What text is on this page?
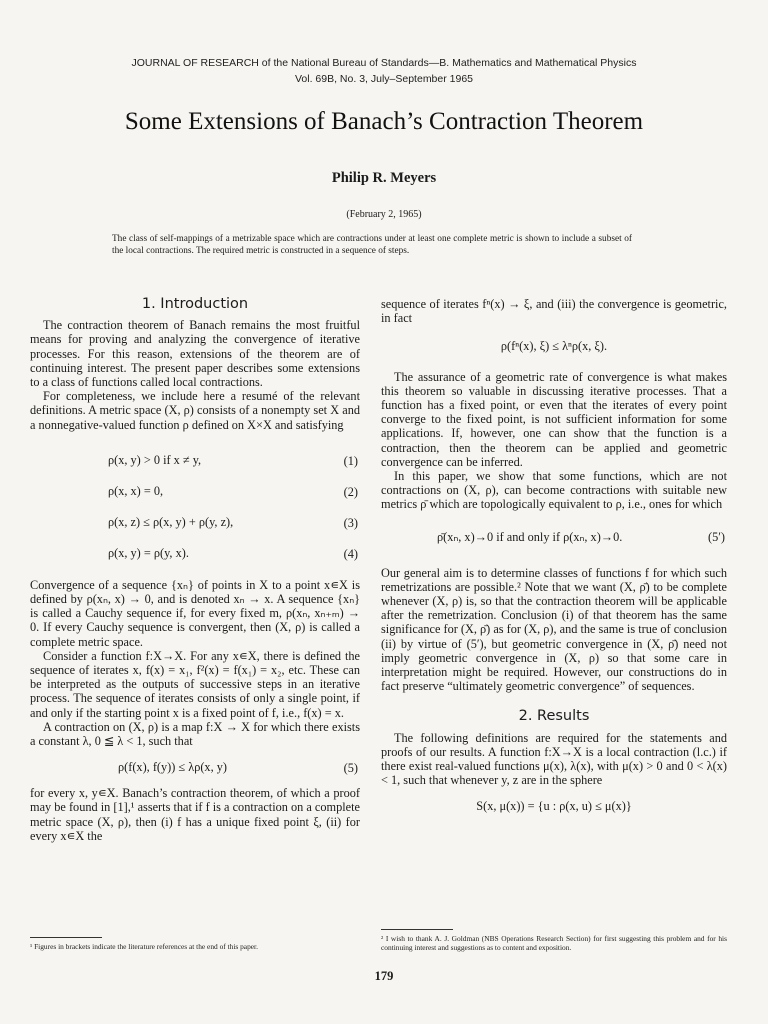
JOURNAL OF RESEARCH of the National Bureau of Standards—B. Mathematics and Mathematical Physics
Vol. 69B, No. 3, July–September 1965
Some Extensions of Banach’s Contraction Theorem
Philip R. Meyers
(February 2, 1965)
The class of self-mappings of a metrizable space which are contractions under at least one complete metric is shown to include a subset of the local contractions. The required metric is constructed in a sequence of steps.
1. Introduction

The contraction theorem of Banach remains the most fruitful means for proving and analyzing the convergence of iterative processes. For this reason, extensions of the theorem are of continuing interest. The present paper describes some extensions to a class of functions called local contractions.

For completeness, we include here a resumé of the relevant definitions. A metric space (X, ρ) consists of a nonempty set X and a nonnegative-valued function ρ defined on X×X and satisfying

ρ(x, y) > 0 if x ≠ y,	(1)
ρ(x, x) = 0,	(2)
ρ(x, z) ≤ ρ(x, y) + ρ(y, z),	(3)
ρ(x, y) = ρ(y, x).	(4)

Convergence of a sequence {xₙ} of points in X to a point x∊X is defined by ρ(xₙ, x) → 0, and is denoted xₙ → x. A sequence {xₙ} is called a Cauchy sequence if, for every fixed m, ρ(xₙ, xₙ₊ₘ) → 0. If every Cauchy sequence is convergent, then (X, ρ) is called a complete metric space.

Consider a function f:X→X. For any x∊X, there is defined the sequence of iterates x, f(x) = x₁, f²(x) = f(x₁) = x₂, etc. These can be interpreted as the outputs of successive steps in an iterative process. The sequence of iterates consists of only a single point, if and only if the starting point x is a fixed point of f, i.e., f(x) = x.

A contraction on (X, ρ) is a map f:X → X for which there exists a constant λ, 0 ≦ λ < 1, such that

ρ(f(x), f(y)) ≤ λρ(x, y)	(5)

for every x, y∊X. Banach’s contraction theorem, of which a proof may be found in [1],¹ asserts that if f is a contraction on a complete metric space (X, ρ), then (i) f has a unique fixed point ξ, (ii) for every x∊X the

sequence of iterates fⁿ(x) → ξ, and (iii) the convergence is geometric, in fact

ρ(fⁿ(x), ξ) ≤ λⁿρ(x, ξ).

The assurance of a geometric rate of convergence is what makes this theorem so valuable in discussing iterative processes. That a function has a fixed point, or even that the iterates of every point converge to the fixed point, is not sufficient information for some applications. If, however, one can show that the function is a contraction, then the theorem can be applied and geometric convergence can be inferred.

In this paper, we show that some functions, which are not contractions on (X, ρ), can become contractions with suitable new metrics ρ̄ which are topologically equivalent to ρ, i.e., ones for which

ρ̄(xₙ, x)→0 if and only if ρ(xₙ, x)→0.	(5′)

Our general aim is to determine classes of functions f for which such remetrizations are possible.² Note that we want (X, ρ̄) to be complete whenever (X, ρ) is, so that the contraction theorem will be applicable after the remetrization. Conclusion (i) of that theorem has the same significance for (X, ρ̄) as for (X, ρ), and the same is true of conclusion (ii) by virtue of (5′), but geometric convergence in (X, ρ̄) need not imply geometric convergence in (X, ρ) so that some care in interpretation might be required. However, our constructions do in fact preserve “ultimately geometric convergence” of sequences.

2. Results

The following definitions are required for the statements and proofs of our results. A function f:X→X is a local contraction (l.c.) if there exist real-valued functions μ(x), λ(x), with μ(x) > 0 and 0 < λ(x) < 1, such that whenever y, z are in the sphere

S(x, μ(x)) = {u : ρ(x, u) ≤ μ(x)}
¹ Figures in brackets indicate the literature references at the end of this paper.
² I wish to thank A. J. Goldman (NBS Operations Research Section) for first suggesting this problem and for his continuing interest and suggestions as to content and exposition.
179
